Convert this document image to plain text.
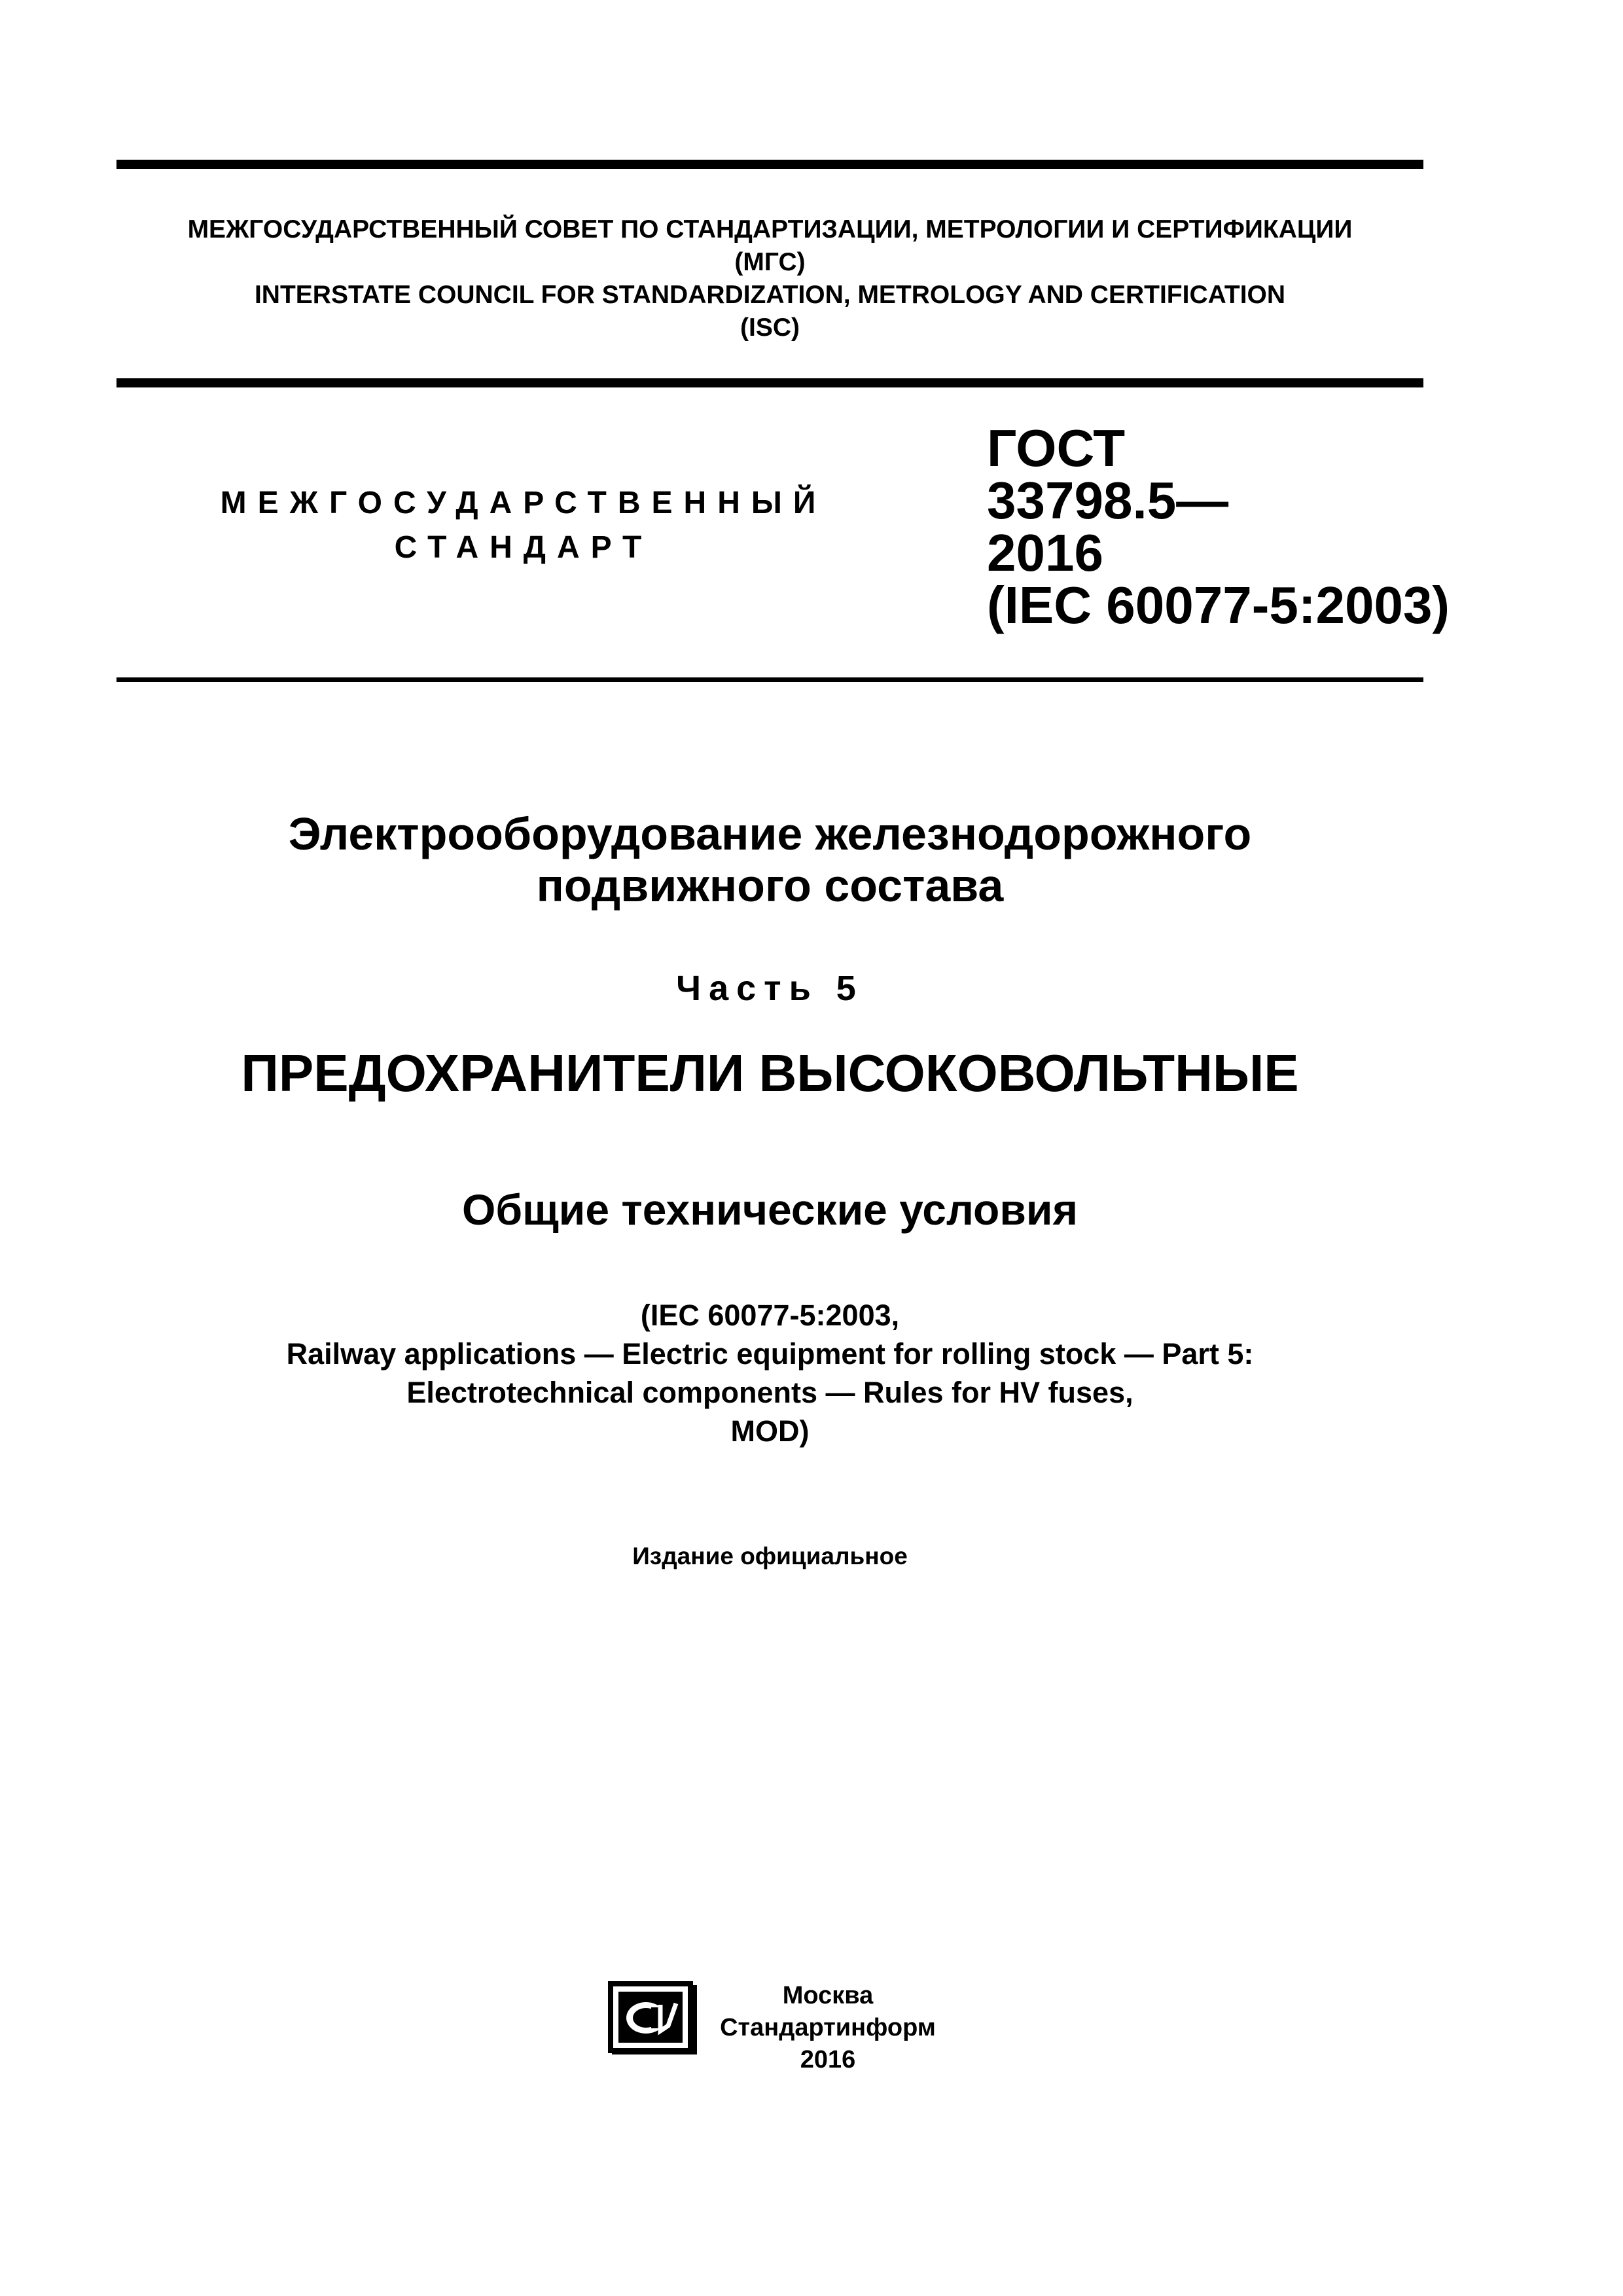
МЕЖГОСУДАРСТВЕННЫЙ СОВЕТ ПО СТАНДАРТИЗАЦИИ, МЕТРОЛОГИИ И СЕРТИФИКАЦИИ
(МГС)
INTERSTATE COUNCIL FOR STANDARDIZATION, METROLOGY AND CERTIFICATION
(ISC)
МЕЖГОСУДАРСТВЕННЫЙ
СТАНДАРТ
ГОСТ
33798.5—
2016
(IEC 60077-5:2003)
Электрооборудование железнодорожного
подвижного состава
Часть 5
ПРЕДОХРАНИТЕЛИ ВЫСОКОВОЛЬТНЫЕ
Общие технические условия
(IEC 60077-5:2003,
Railway applications — Electric equipment for rolling stock — Part 5:
Electrotechnical components — Rules for HV fuses,
MOD)
Издание официальное
Москва
Стандартинформ
2016
